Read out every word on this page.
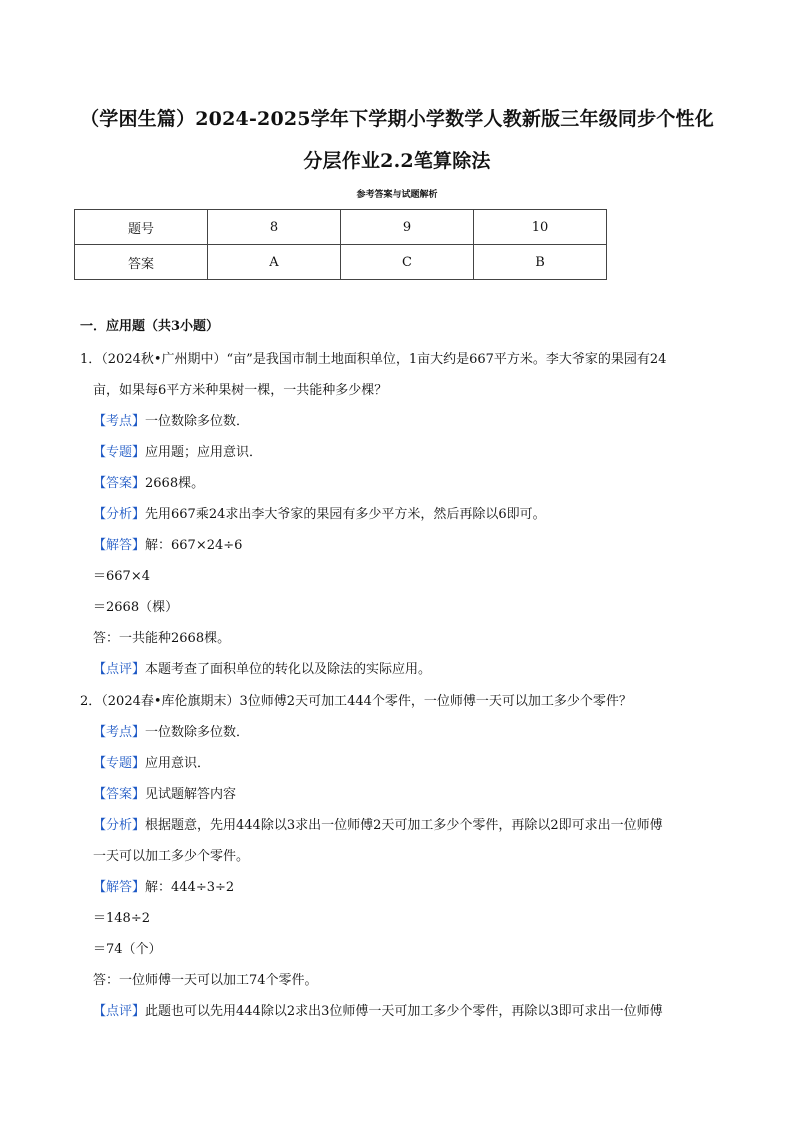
（学困生篇）2024-2025学年下学期小学数学人教新版三年级同步个性化
分层作业2.2笔算除法
参考答案与试题解析
题号	8	9	10
答案	A	C	B
一．应用题（共3小题）
1．（2024秋•广州期中）“亩”是我国市制土地面积单位，1亩大约是667平方米。李大爷家的果园有24
亩，如果每6平方米种果树一棵，一共能种多少棵？
【考点】一位数除多位数．
【专题】应用题；应用意识．
【答案】2668棵。
【分析】先用667乘24求出李大爷家的果园有多少平方米，然后再除以6即可。
【解答】解：667×24÷6
＝667×4
＝2668（棵）
答：一共能种2668棵。
【点评】本题考查了面积单位的转化以及除法的实际应用。
2．（2024春•库伦旗期末）3位师傅2天可加工444个零件，一位师傅一天可以加工多少个零件？
【考点】一位数除多位数．
【专题】应用意识．
【答案】见试题解答内容
【分析】根据题意，先用444除以3求出一位师傅2天可加工多少个零件，再除以2即可求出一位师傅
一天可以加工多少个零件。
【解答】解：444÷3÷2
＝148÷2
＝74（个）
答：一位师傅一天可以加工74个零件。
【点评】此题也可以先用444除以2求出3位师傅一天可加工多少个零件，再除以3即可求出一位师傅
